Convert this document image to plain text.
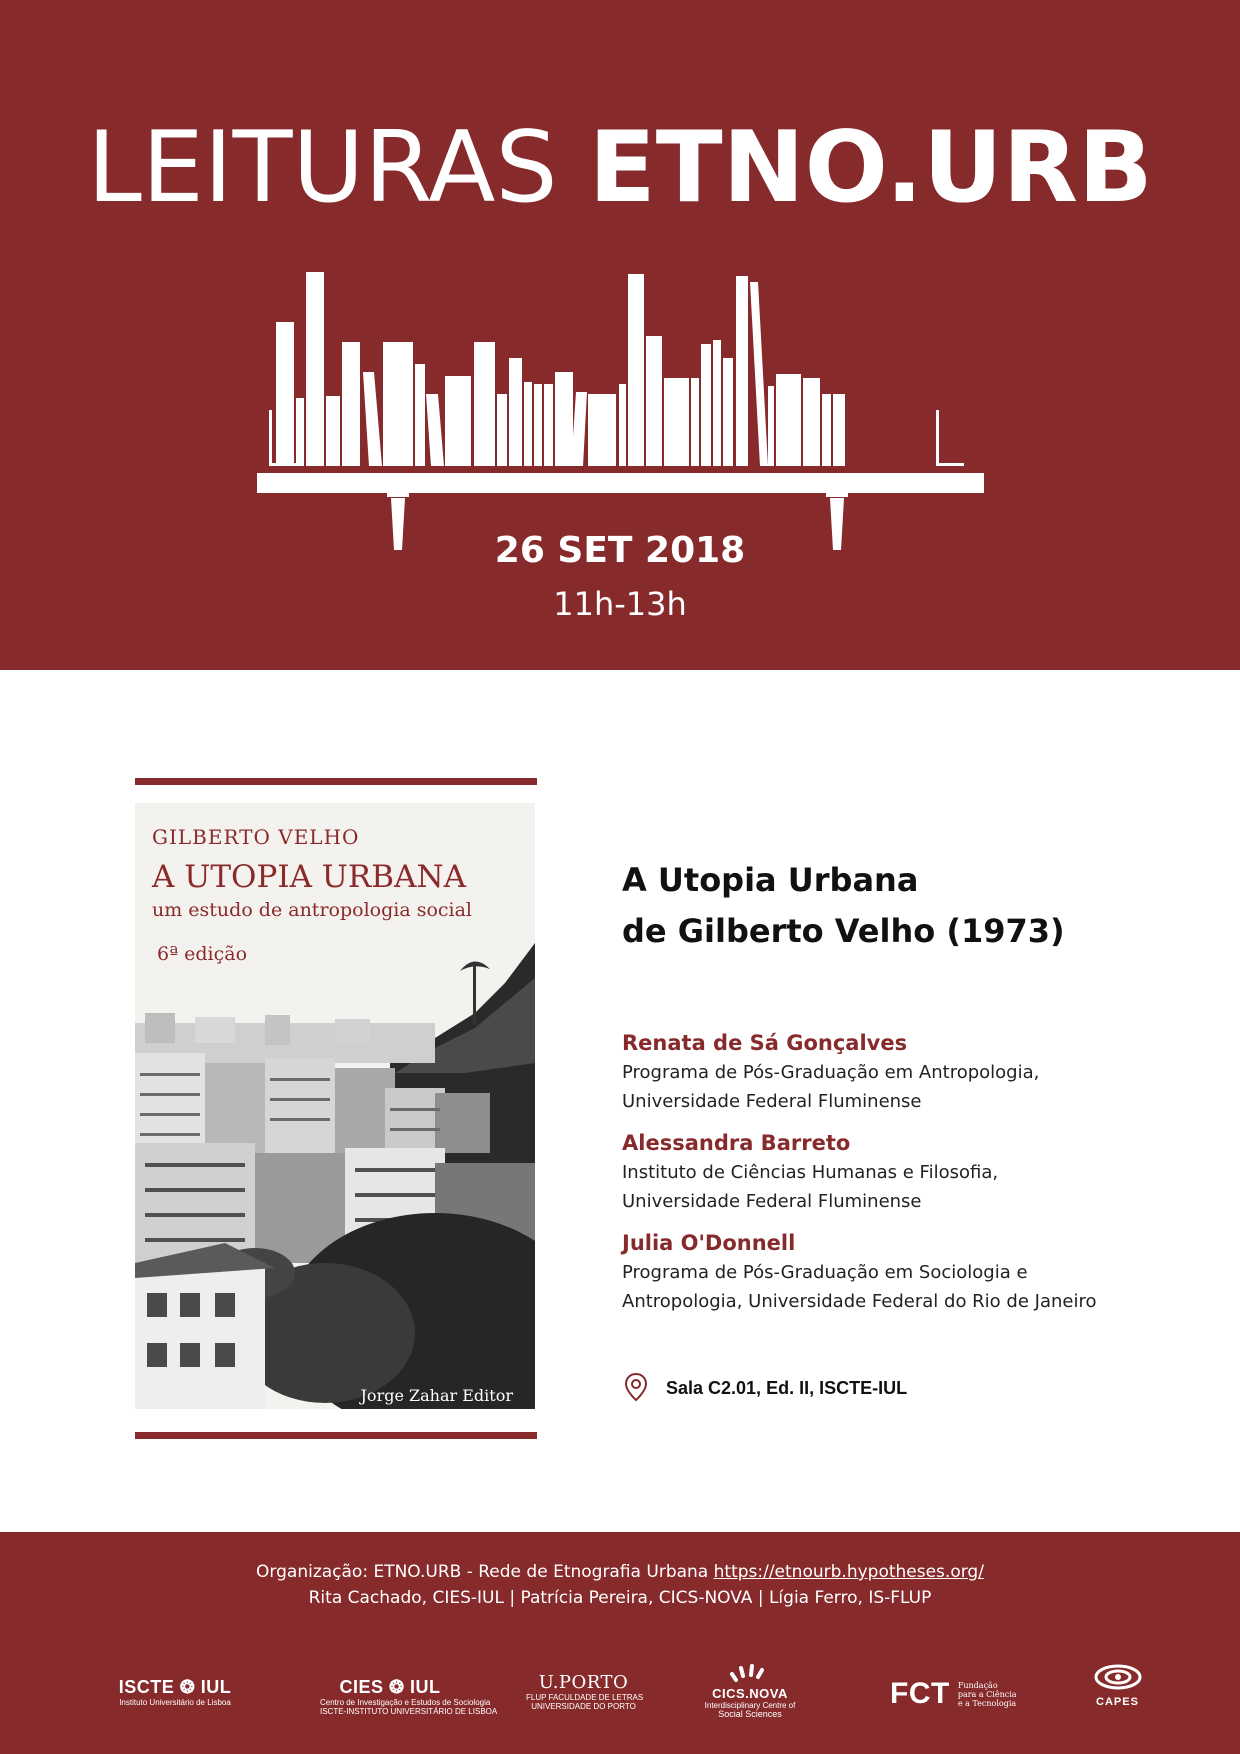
LEITURAS ETNO.URB
26 SET 2018
11h-13h
GILBERTO VELHO
A UTOPIA URBANA
um estudo de antropologia social
6ª edição
Jorge Zahar Editor
A Utopia Urbana
de Gilberto Velho (1973)
Renata de Sá Gonçalves
Programa de Pós-Graduação em Antropologia,
Universidade Federal Fluminense
Alessandra Barreto
Instituto de Ciências Humanas e Filosofia,
Universidade Federal Fluminense
Julia O'Donnell
Programa de Pós-Graduação em Sociologia e
Antropologia, Universidade Federal do Rio de Janeiro
Sala C2.01, Ed. II, ISCTE-IUL
Organização: ETNO.URB - Rede de Etnografia Urbana https://etnourb.hypotheses.org/
Rita Cachado, CIES-IUL | Patrícia Pereira, CICS-NOVA | Lígia Ferro, IS-FLUP
ISCTE ❂ IUL
Instituto Universitário de Lisboa
CIES ❂ IUL
Centro de Investigação e Estudos de Sociologia
ISCTE-INSTITUTO UNIVERSITÁRIO DE LISBOA
U.PORTO
FLUP FACULDADE DE LETRAS
UNIVERSIDADE DO PORTO
CICS.NOVA
Interdisciplinary Centre of
Social Sciences
FCT Fundação
para a Ciência
e a Tecnologia	CAPES
